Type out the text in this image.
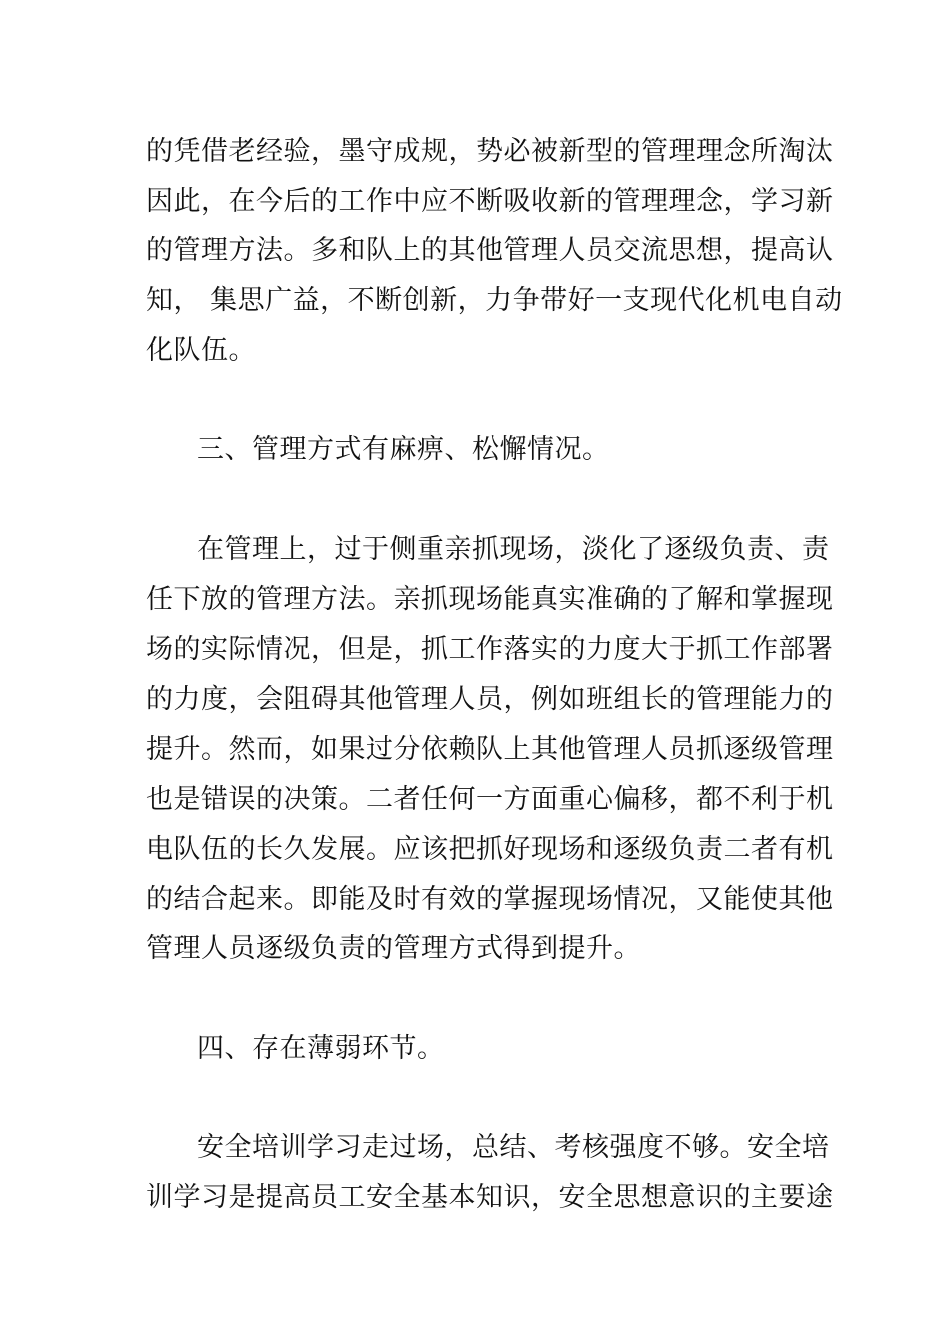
的凭借老经验，墨守成规，势必被新型的管理理念所淘汰
因此，在今后的工作中应不断吸收新的管理理念，学习新
的管理方法。多和队上的其他管理人员交流思想，提高认
知， 集思广益，不断创新，力争带好一支现代化机电自动
化队伍。
三、管理方式有麻痹、松懈情况。
在管理上，过于侧重亲抓现场，淡化了逐级负责、责
任下放的管理方法。亲抓现场能真实准确的了解和掌握现
场的实际情况，但是，抓工作落实的力度大于抓工作部署
的力度，会阻碍其他管理人员，例如班组长的管理能力的
提升。然而，如果过分依赖队上其他管理人员抓逐级管理
也是错误的决策。二者任何一方面重心偏移，都不利于机
电队伍的长久发展。应该把抓好现场和逐级负责二者有机
的结合起来。即能及时有效的掌握现场情况，又能使其他
管理人员逐级负责的管理方式得到提升。
四、存在薄弱环节。
安全培训学习走过场，总结、考核强度不够。安全培
训学习是提高员工安全基本知识，安全思想意识的主要途
